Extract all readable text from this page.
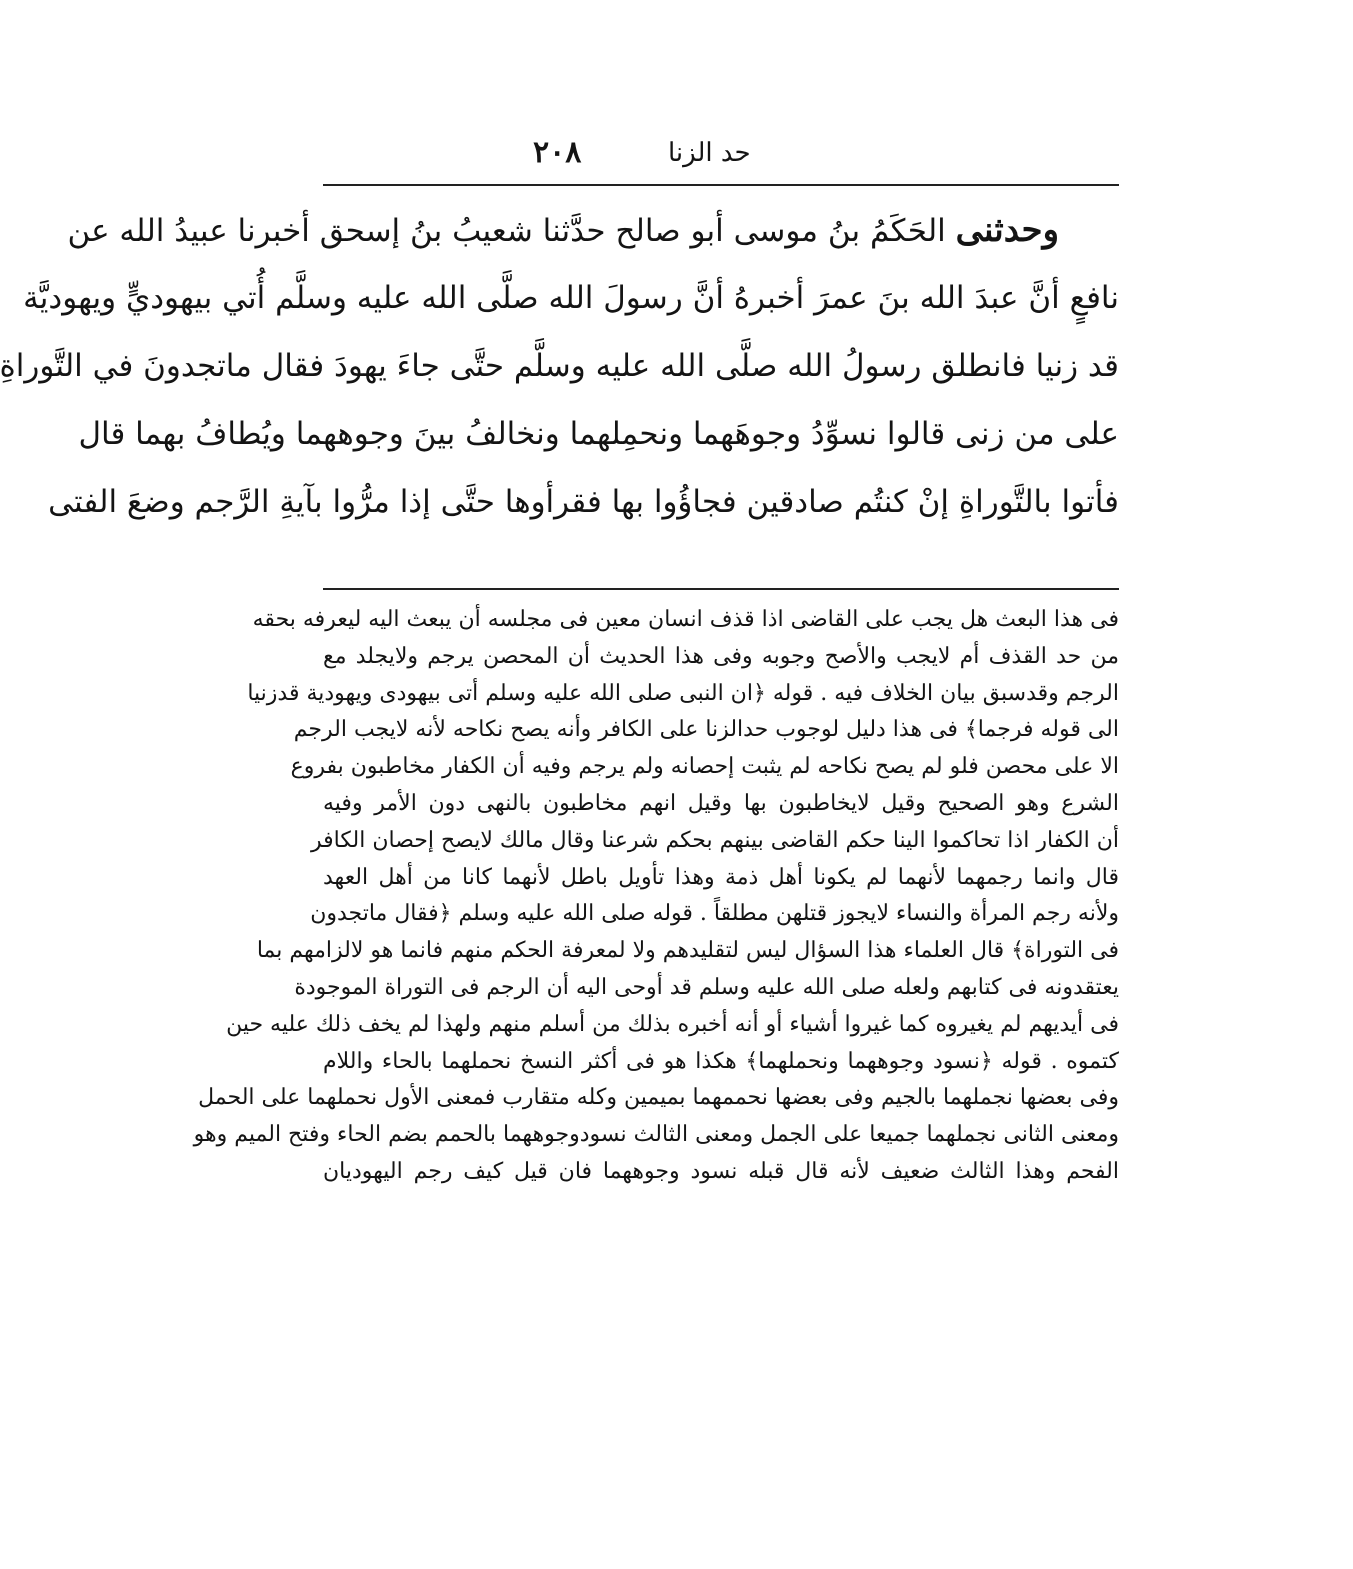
٢٠٨	حد الزنا
وحدثنى الحَكَمُ بنُ موسى أبو صالح حدَّثنا شعيبُ بنُ إسحق أخبرنا عبيدُ الله عن
نافعٍ أنَّ عبدَ الله بنَ عمرَ أخبرهُ أنَّ رسولَ الله صلَّى الله عليه وسلَّم أُتي بيهوديٍّ ويهوديَّة
قد زنيا فانطلق رسولُ الله صلَّى الله عليه وسلَّم حتَّى جاءَ يهودَ فقال ماتجدونَ في التَّوراةِ
على من زنى قالوا نسوِّدُ وجوهَهما ونحمِلهما ونخالفُ بينَ وجوههما ويُطافُ بهما قال
فأتوا بالتَّوراةِ إنْ كنتُم صادقين فجاؤُوا بها فقرأوها حتَّى إذا مرُّوا بآيةِ الرَّجم وضعَ الفتى
فى هذا البعث هل يجب على القاضى اذا قذف انسان معين فى مجلسه أن يبعث اليه ليعرفه بحقه
من حد القذف أم لايجب والأصح وجوبه وفى هذا الحديث أن المحصن يرجم ولايجلد مع
الرجم وقدسبق بيان الخلاف فيه . قوله ﴿ان النبى صلى الله عليه وسلم أتى بيهودى ويهودية قدزنيا
الى قوله فرجما﴾ فى هذا دليل لوجوب حدالزنا على الكافر وأنه يصح نكاحه لأنه لايجب الرجم
الا على محصن فلو لم يصح نكاحه لم يثبت إحصانه ولم يرجم وفيه أن الكفار مخاطبون بفروع
الشرع وهو الصحيح وقيل لايخاطبون بها وقيل انهم مخاطبون بالنهى دون الأمر وفيه
أن الكفار اذا تحاكموا الينا حكم القاضى بينهم بحكم شرعنا وقال مالك لايصح إحصان الكافر
قال وانما رجمهما لأنهما لم يكونا أهل ذمة وهذا تأويل باطل لأنهما كانا من أهل العهد
ولأنه رجم المرأة والنساء لايجوز قتلهن مطلقاً . قوله صلى الله عليه وسلم ﴿فقال ماتجدون
فى التوراة﴾ قال العلماء هذا السؤال ليس لتقليدهم ولا لمعرفة الحكم منهم فانما هو لالزامهم بما
يعتقدونه فى كتابهم ولعله صلى الله عليه وسلم قد أوحى اليه أن الرجم فى التوراة الموجودة
فى أيديهم لم يغيروه كما غيروا أشياء أو أنه أخبره بذلك من أسلم منهم ولهذا لم يخف ذلك عليه حين
كتموه . قوله ﴿نسود وجوههما ونحملهما﴾ هكذا هو فى أكثر النسخ نحملهما بالحاء واللام
وفى بعضها نجملهما بالجيم وفى بعضها نحممهما بميمين وكله متقارب فمعنى الأول نحملهما على الحمل
ومعنى الثانى نجملهما جميعا على الجمل ومعنى الثالث نسودوجوههما بالحمم بضم الحاء وفتح الميم وهو
الفحم وهذا الثالث ضعيف لأنه قال قبله نسود وجوههما فان قيل كيف رجم اليهوديان
